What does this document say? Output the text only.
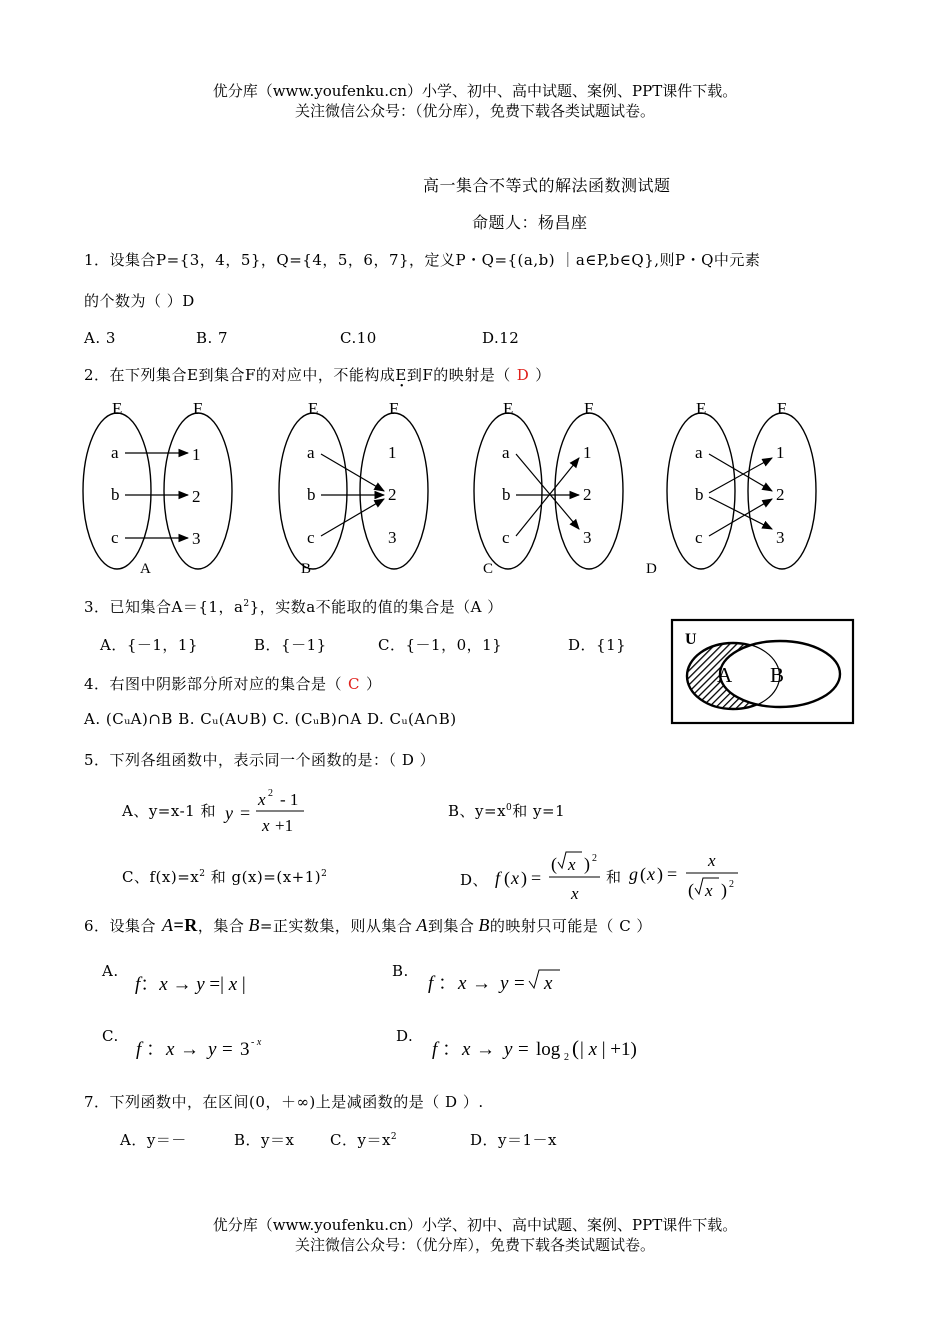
优分库（www.youfenku.cn）小学、初中、高中试题、案例、PPT课件下载。
关注微信公众号：（优分库），免费下载各类试题试卷。
高一集合不等式的解法函数测试题
命题人：杨昌座
1．设集合P={3，4，5}，Q={4，5，6，7}，定义P・Q={(a,b) ｜a∈P,b∈Q},则P・Q中元素
的个数为（ ）D
A. 3	B. 7	C.10	D.12
2．在下列集合E到集合F的对应中，不能构成E到F的映射是（ D ）
•
E	F
a
b
c
1
2
3
A
E	F
a
b
c
1
2
3
B
E	F
a
b
c
1
2
3
C
E	F
a
b
c
1
2
3
D
3．已知集合A＝{1，$a^2$}，实数a不能取的值的集合是（A ）
A．{－1，1}	B．{－1}	C．{－1，0，1}	D．{1}	U
A B
4．右图中阴影部分所对应的集合是（ C ）
A. (CᵤA)∩B B. Cᵤ(A∪B) C. (CᵤB)∩A D. Cᵤ(A∩B)
5．下列各组函数中，表示同一个函数的是：（ D ）
A、y=x-1 和 y =
x 2 - 1
x +1
B、$y=x^0$和 y=1
C、$f(x)=x^2$ 和 $g(x)=(x+1)^2$	D、 f ( x ) =
( x ) 2
x
和 g ( x ) =
x
( x ) 2
6．设集合 A =R ，集合 B =正实数集，则从集合 A 到集合 B 的映射只可能是（ C ）
A.
f：x → y =| x |
B.
f ： x → y = x
C.
f ： x → y = 3 - x	D.
f ： x → y = log 2 ( | x | +1)
7．下列函数中，在区间(0，＋∞)上是减函数的是（ D ）.
A．y＝－	B．y＝x C．$y=x^2$	D．y＝1－x
优分库（www.youfenku.cn）小学、初中、高中试题、案例、PPT课件下载。
关注微信公众号：（优分库），免费下载各类试题试卷。
